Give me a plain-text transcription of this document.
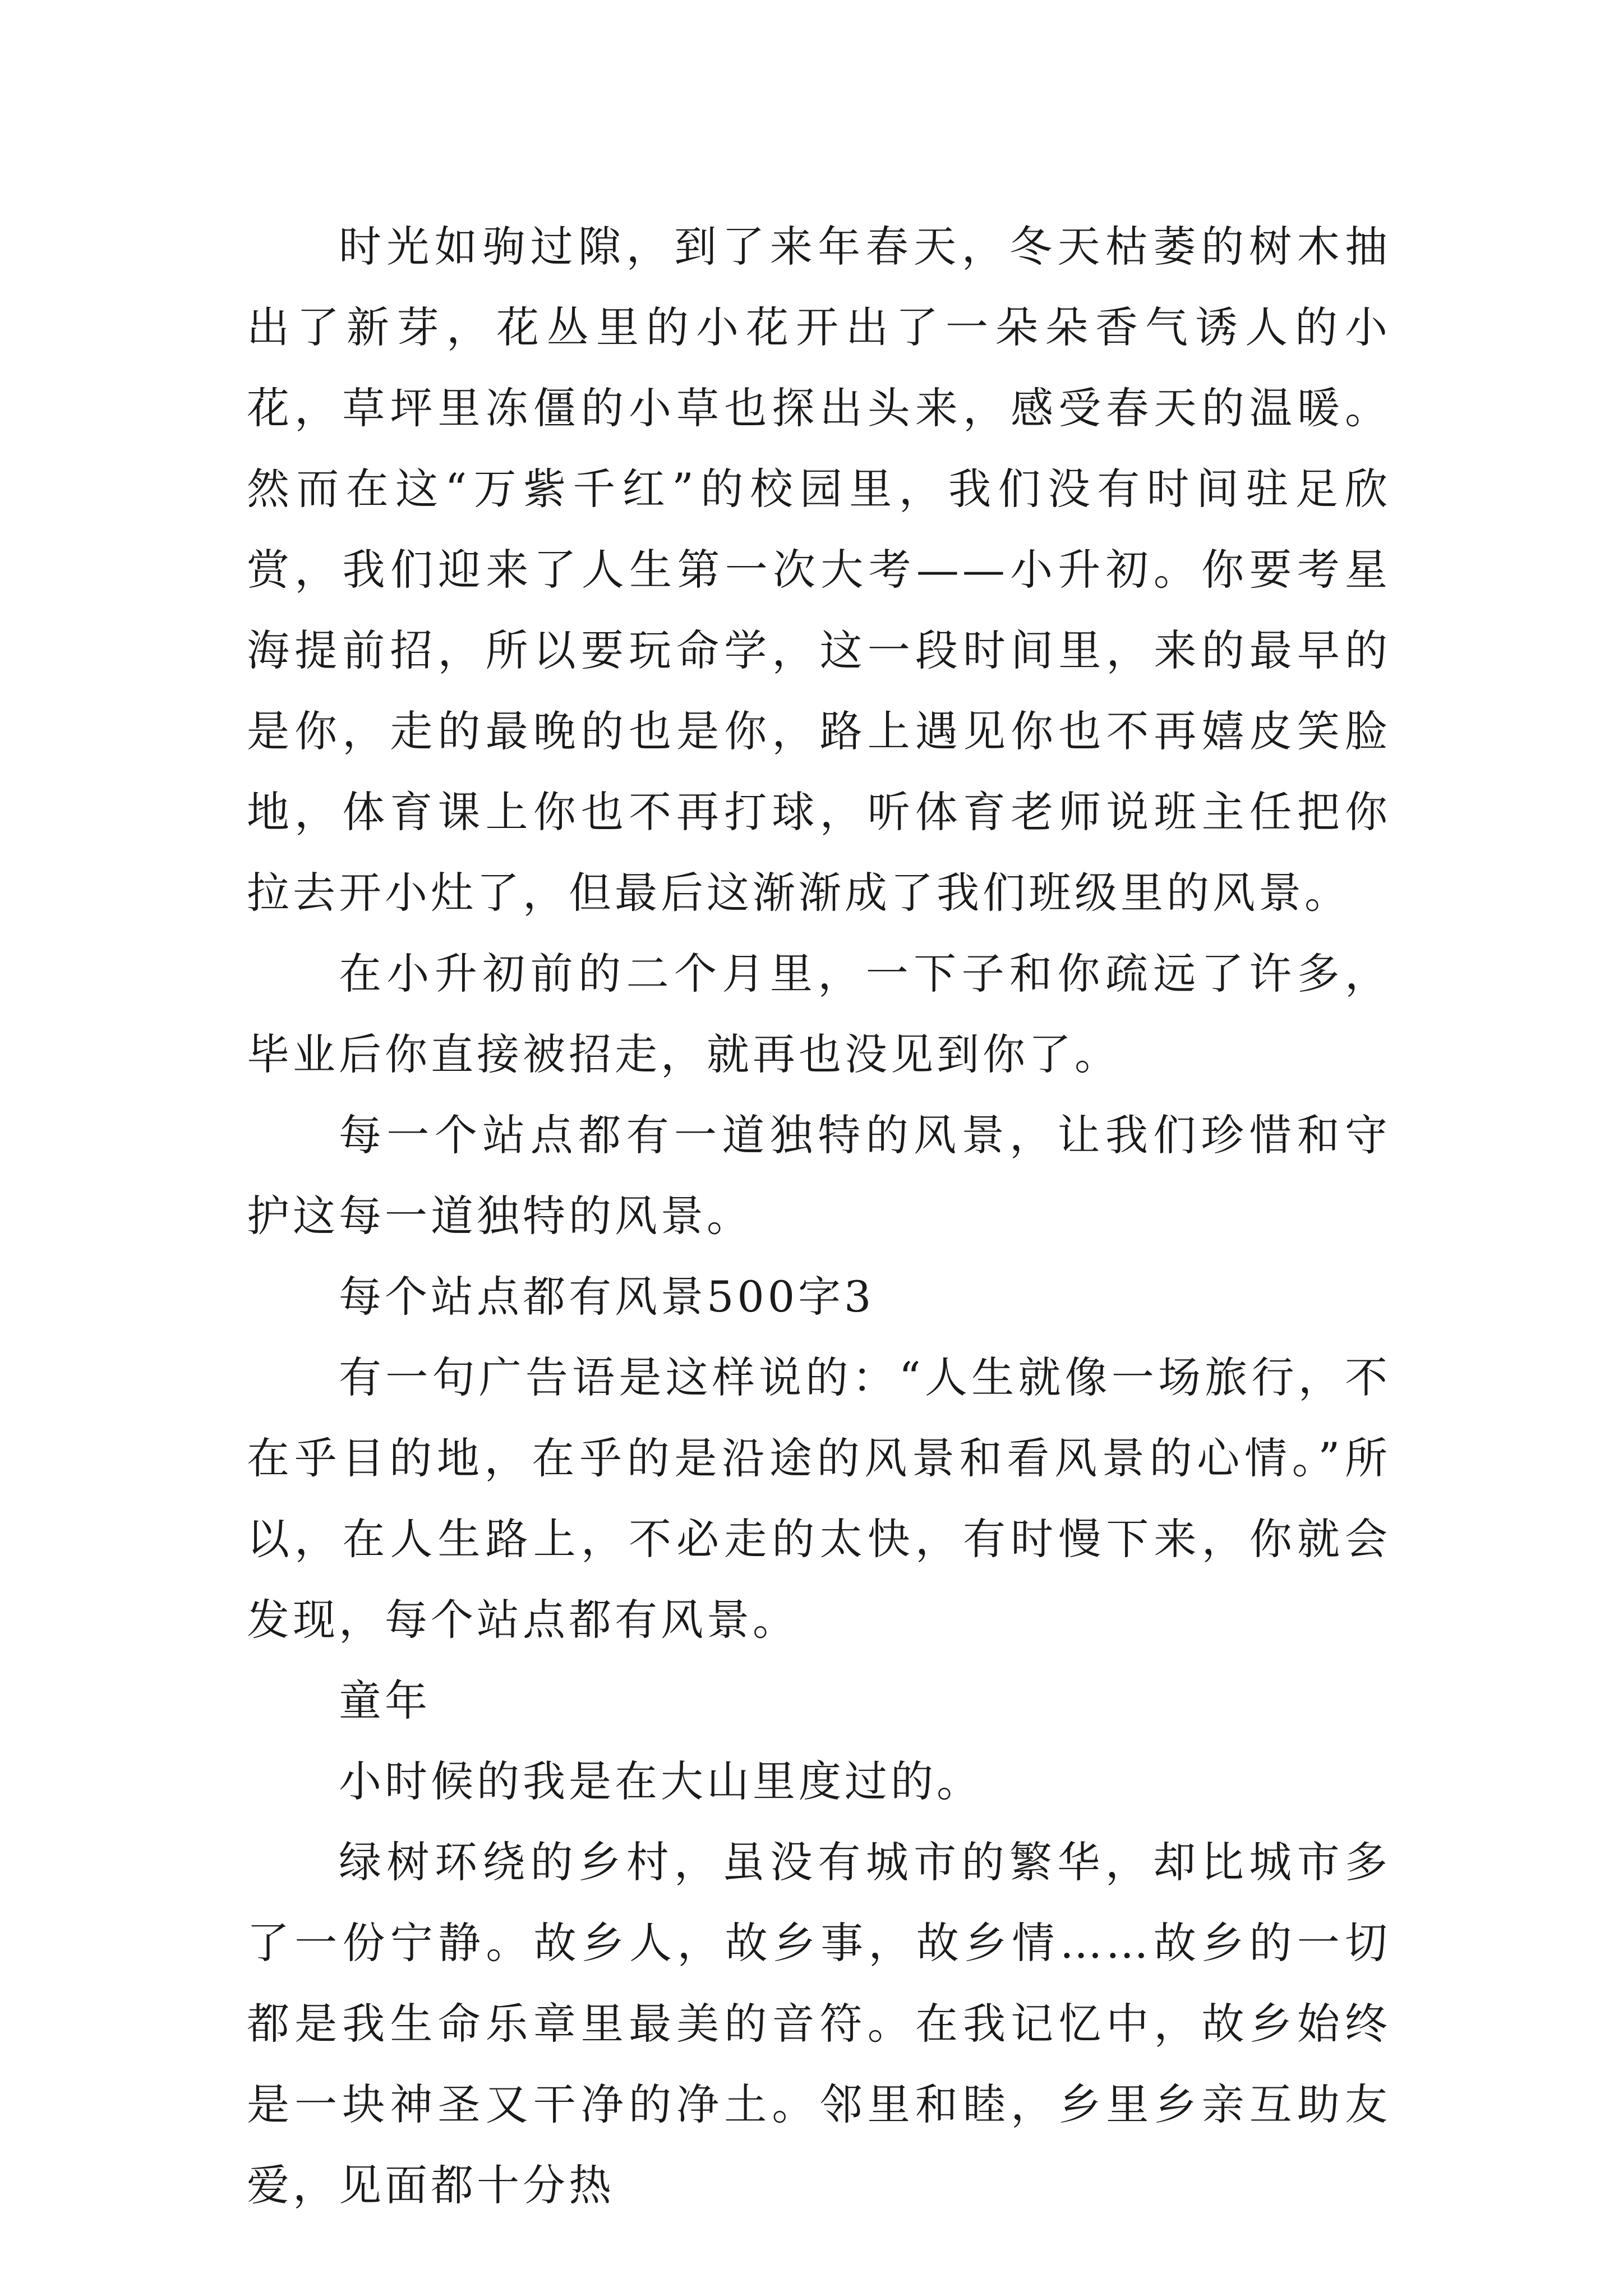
时光如驹过隙，到了来年春天，冬天枯萎的树木抽出了新芽，花丛里的小花开出了一朵朵香气诱人的小花，草坪里冻僵的小草也探出头来，感受春天的温暖。然而在这“万紫千红”的校园里，我们没有时间驻足欣赏，我们迎来了人生第一次大考——小升初。你要考星海提前招，所以要玩命学，这一段时间里，来的最早的是你，走的最晚的也是你，路上遇见你也不再嬉皮笑脸地，体育课上你也不再打球，听体育老师说班主任把你拉去开小灶了，但最后这渐渐成了我们班级里的风景。

在小升初前的二个月里，一下子和你疏远了许多，毕业后你直接被招走，就再也没见到你了。

每一个站点都有一道独特的风景，让我们珍惜和守护这每一道独特的风景。

每个站点都有风景500字3

有一句广告语是这样说的：“人生就像一场旅行，不在乎目的地，在乎的是沿途的风景和看风景的心情。”所以，在人生路上，不必走的太快，有时慢下来，你就会发现，每个站点都有风景。

童年

小时候的我是在大山里度过的。

绿树环绕的乡村，虽没有城市的繁华，却比城市多了一份宁静。故乡人，故乡事，故乡情……故乡的一切都是我生命乐章里最美的音符。在我记忆中，故乡始终是一块神圣又干净的净土。邻里和睦，乡里乡亲互助友爱，见面都十分热
